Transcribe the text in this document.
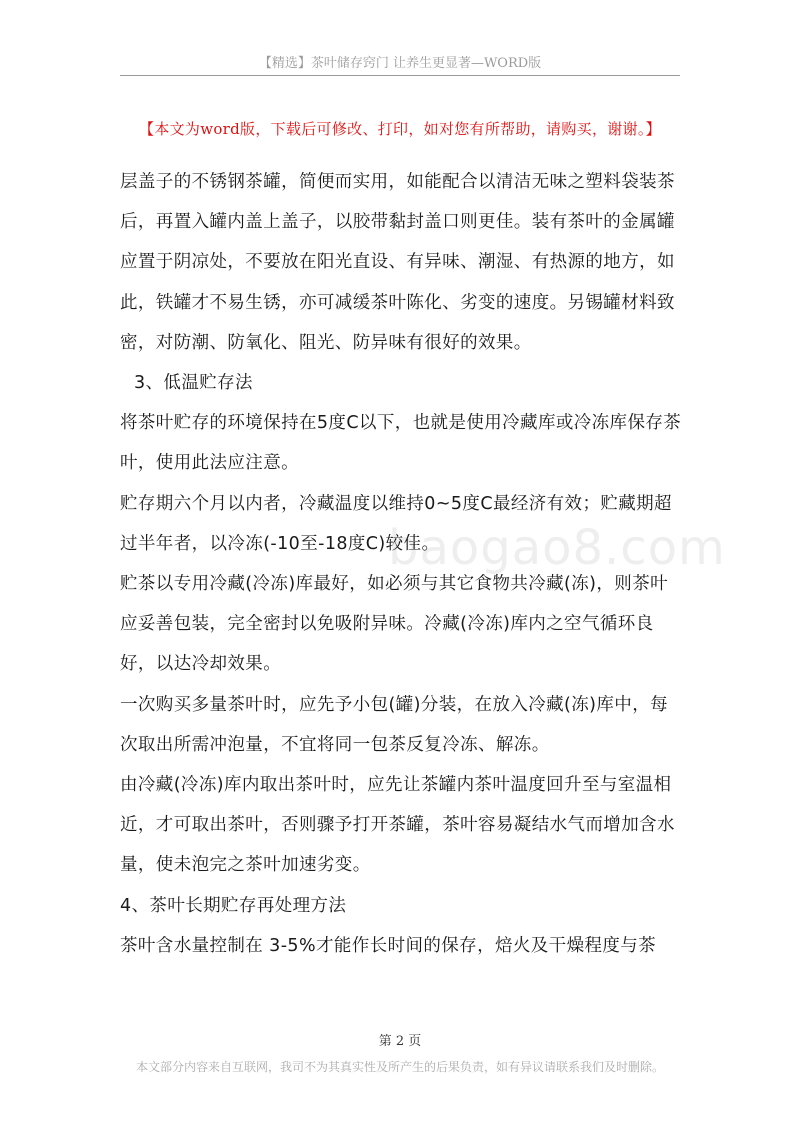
【精选】茶叶储存窍门 让养生更显著—WORD版
【本文为word版，下载后可修改、打印，如对您有所帮助，请购买，谢谢。】
baogao8.com

层盖子的不锈钢茶罐，简便而实用，如能配合以清洁无味之塑料袋装茶后，再置入罐内盖上盖子，以胶带黏封盖口则更佳。装有茶叶的金属罐应置于阴凉处，不要放在阳光直设、有异味、潮湿、有热源的地方，如此，铁罐才不易生锈，亦可减缓茶叶陈化、劣变的速度。另锡罐材料致密，对防潮、防氧化、阻光、防异味有很好的效果。

3、低温贮存法

将茶叶贮存的环境保持在5度C以下，也就是使用冷藏库或冷冻库保存茶叶，使用此法应注意。

贮存期六个月以内者，冷藏温度以维持0~5度C最经济有效；贮藏期超过半年者，以冷冻(-10至-18度C)较佳。

贮茶以专用冷藏(冷冻)库最好，如必须与其它食物共冷藏(冻)，则茶叶应妥善包装，完全密封以免吸附异味。冷藏(冷冻)库内之空气循环良好，以达冷却效果。

一次购买多量茶叶时，应先予小包(罐)分装，在放入冷藏(冻)库中，每次取出所需冲泡量，不宜将同一包茶反复冷冻、解冻。

由冷藏(冷冻)库内取出茶叶时，应先让茶罐内茶叶温度回升至与室温相近，才可取出茶叶，否则骤予打开茶罐，茶叶容易凝结水气而增加含水量，使未泡完之茶叶加速劣变。

4、茶叶长期贮存再处理方法

茶叶含水量控制在 3-5%才能作长时间的保存，焙火及干燥程度与茶

第 2 页
本文部分内容来自互联网，我司不为其真实性及所产生的后果负责，如有异议请联系我们及时删除。
